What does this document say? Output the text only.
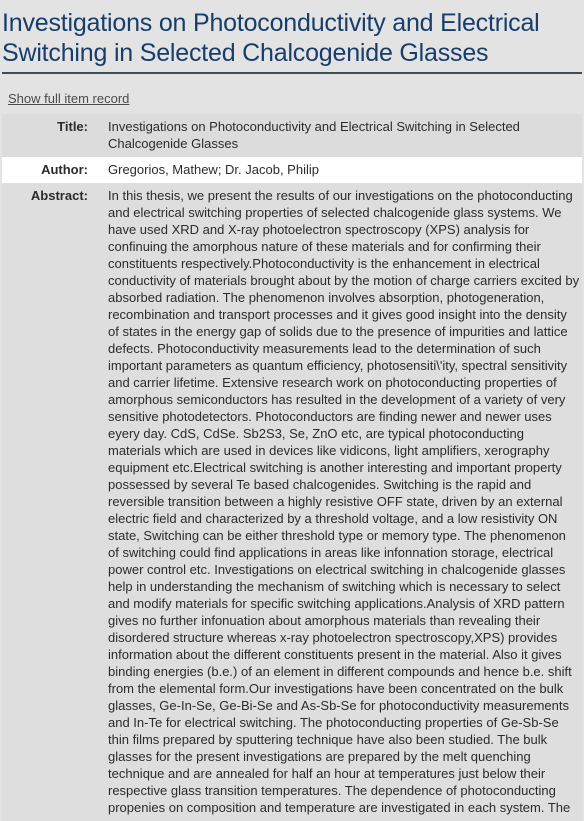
Investigations on Photoconductivity and Electrical Switching in Selected Chalcogenide Glasses
Show full item record
Title:	Investigations on Photoconductivity and Electrical Switching in Selected Chalcogenide Glasses
Author:	Gregorios, Mathew; Dr. Jacob, Philip
Abstract:	In this thesis, we present the results of our investigations on the photoconducting and electrical switching properties of selected chalcogenide glass systems. We have used XRD and X-ray photoelectron spectroscopy (XPS) analysis for confinuing the amorphous nature of these materials and for confirming their constituents respectively.Photoconductivity is the enhancement in electrical conductivity of materials brought about by the motion of charge carriers excited by absorbed radiation. The phenomenon involves absorption, photogeneration, recombination and transport processes and it gives good insight into the density of states in the energy gap of solids due to the presence of impurities and lattice defects. Photoconductivity measurements lead to the determination of such important parameters as quantum efficiency, photosensiti\'ity, spectral sensitivity and carrier lifetime. Extensive research work on photoconducting properties of amorphous semiconductors has resulted in the development of a variety of very sensitive photodetectors. Photoconductors are finding newer and newer uses eyery day. CdS, CdSe. Sb2S3, Se, ZnO etc, are typical photoconducting materials which are used in devices like vidicons, light amplifiers, xerography equipment etc.Electrical switching is another interesting and important property possessed by several Te based chalcogenides. Switching is the rapid and reversible transition between a highly resistive OFF state, driven by an external electric field and characterized by a threshold voltage, and a low resistivity ON state, Switching can be either threshold type or memory type. The phenomenon of switching could find applications in areas like infonnation storage, electrical power control etc. Investigations on electrical switching in chalcogenide glasses help in understanding the mechanism of switching which is necessary to select and modify materials for specific switching applications.Analysis of XRD pattern gives no further infonuation about amorphous materials than revealing their disordered structure whereas x-ray photoelectron spectroscopy,XPS) provides information about the different constituents present in the material. Also it gives binding energies (b.e.) of an element in different compounds and hence b.e. shift from the elemental form.Our investigations have been concentrated on the bulk glasses, Ge-In-Se, Ge-Bi-Se and As-Sb-Se for photoconductivity measurements and In-Te for electrical switching. The photoconducting properties of Ge-Sb-Se thin films prepared by sputtering technique have also been studied. The bulk glasses for the present investigations are prepared by the melt quenching technique and are annealed for half an hour at temperatures just below their respective glass transition temperatures. The dependence of photoconducting propenies on composition and temperature are investigated in each system. The
